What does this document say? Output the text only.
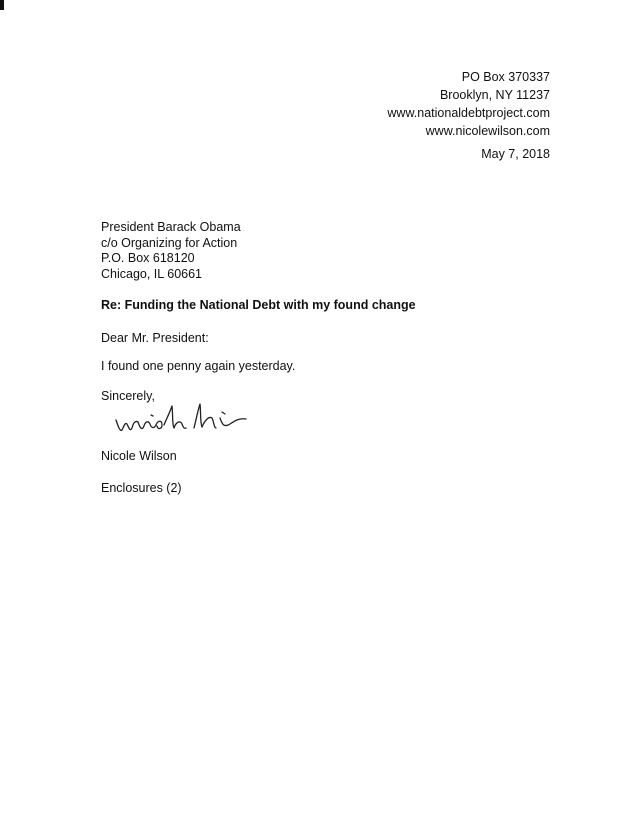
PO Box 370337
Brooklyn, NY 11237
www.nationaldebtproject.com
www.nicolewilson.com
May 7, 2018
President Barack Obama
c/o Organizing for Action
P.O. Box 618120
Chicago, IL 60661
Re: Funding the National Debt with my found change
Dear Mr. President:
I found one penny again yesterday.
Sincerely,
Nicole Wilson
Enclosures (2)
